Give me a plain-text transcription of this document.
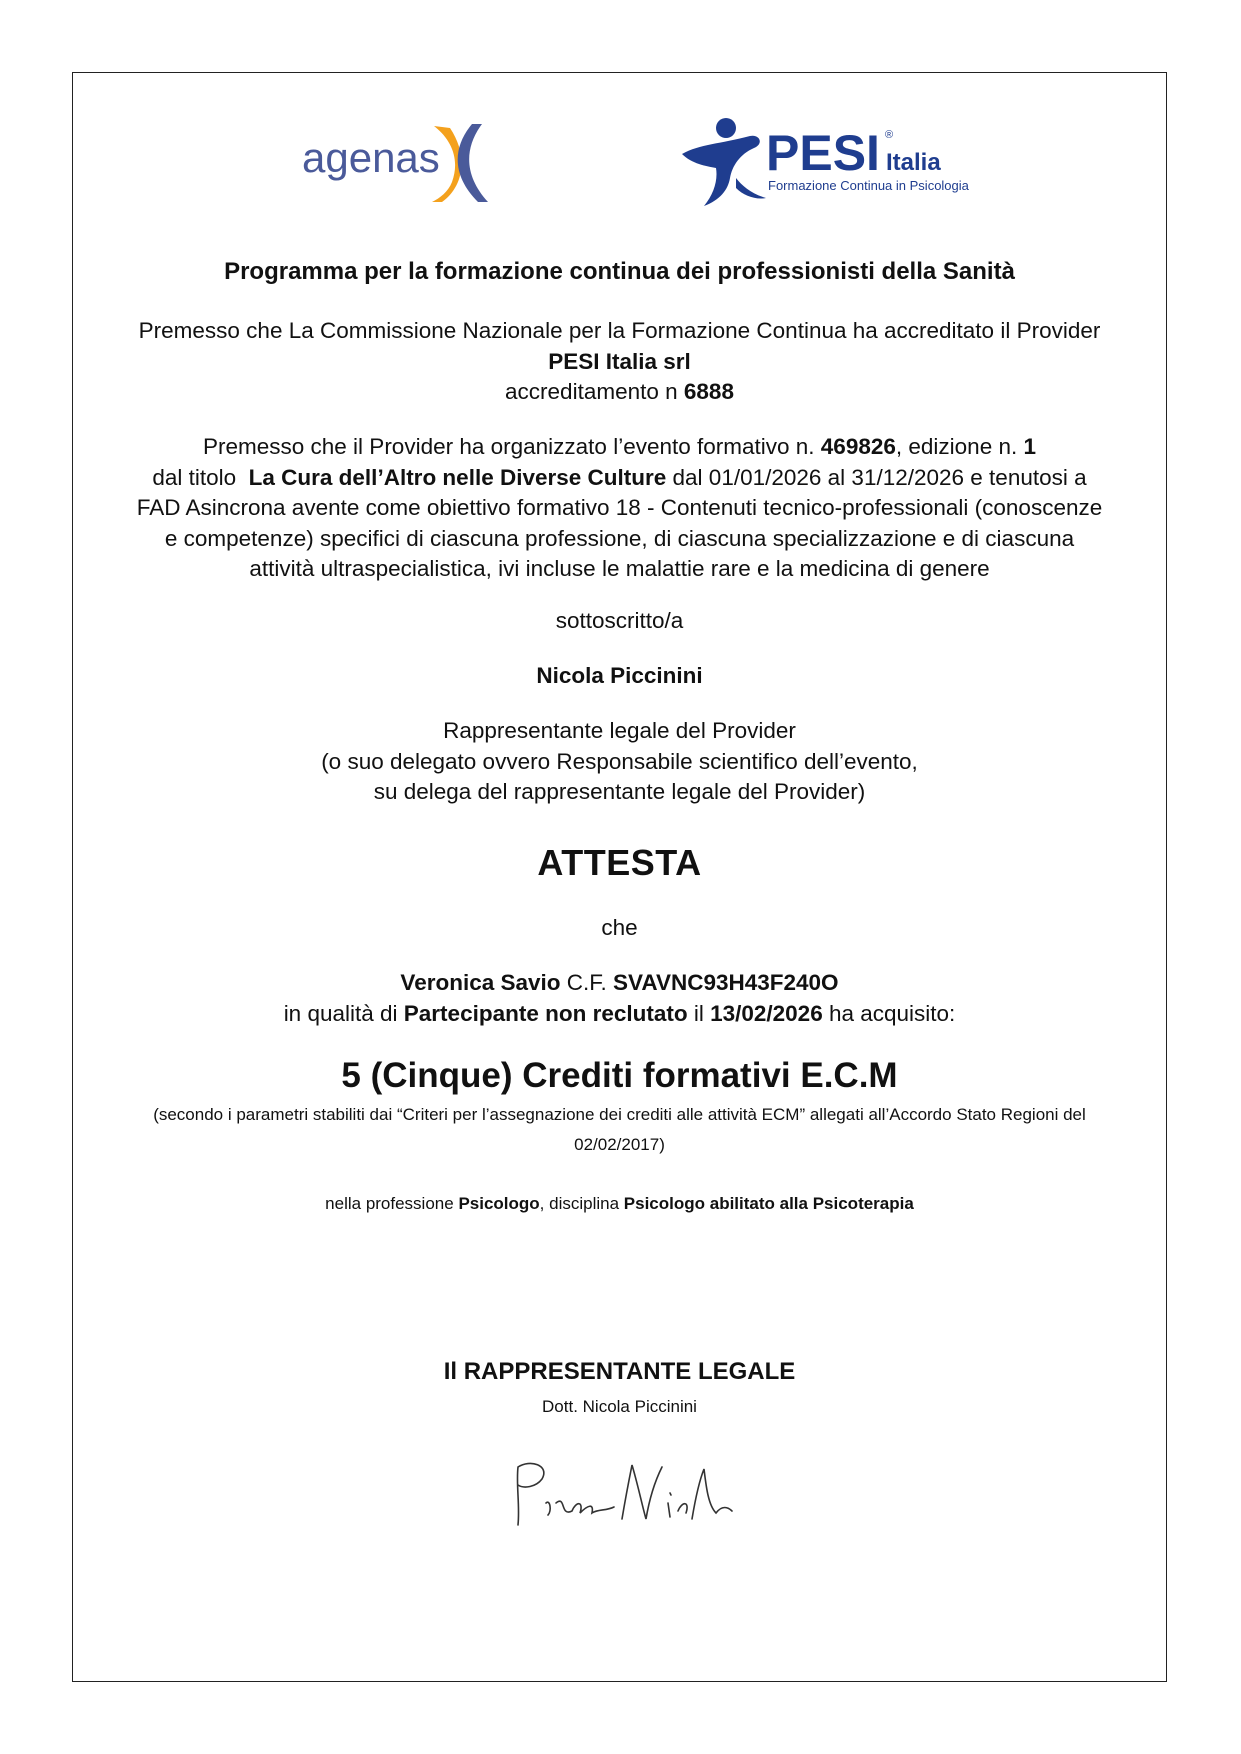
agenas	PESI ®
Italia
Formazione Continua in Psicologia
Programma per la formazione continua dei professionisti della Sanità
Premesso che La Commissione Nazionale per la Formazione Continua ha accreditato il Provider
PESI Italia srl
accreditamento n 6888
Premesso che il Provider ha organizzato l’evento formativo n. 469826, edizione n. 1
dal titolo  La Cura dell’Altro nelle Diverse Culture dal 01/01/2026 al 31/12/2026 e tenutosi a
FAD Asincrona avente come obiettivo formativo 18 - Contenuti tecnico-professionali (conoscenze
e competenze) specifici di ciascuna professione, di ciascuna specializzazione e di ciascuna
attività ultraspecialistica, ivi incluse le malattie rare e la medicina di genere
sottoscritto/a
Nicola Piccinini
Rappresentante legale del Provider
(o suo delegato ovvero Responsabile scientifico dell’evento,
su delega del rappresentante legale del Provider)
ATTESTA
che
Veronica Savio C.F. SVAVNC93H43F240O
in qualità di Partecipante non reclutato il 13/02/2026 ha acquisito:
5 (Cinque) Crediti formativi E.C.M
(secondo i parametri stabiliti dai “Criteri per l’assegnazione dei crediti alle attività ECM” allegati all’Accordo Stato Regioni del
02/02/2017)
nella professione Psicologo, disciplina Psicologo abilitato alla Psicoterapia
Il RAPPRESENTANTE LEGALE
Dott. Nicola Piccinini
